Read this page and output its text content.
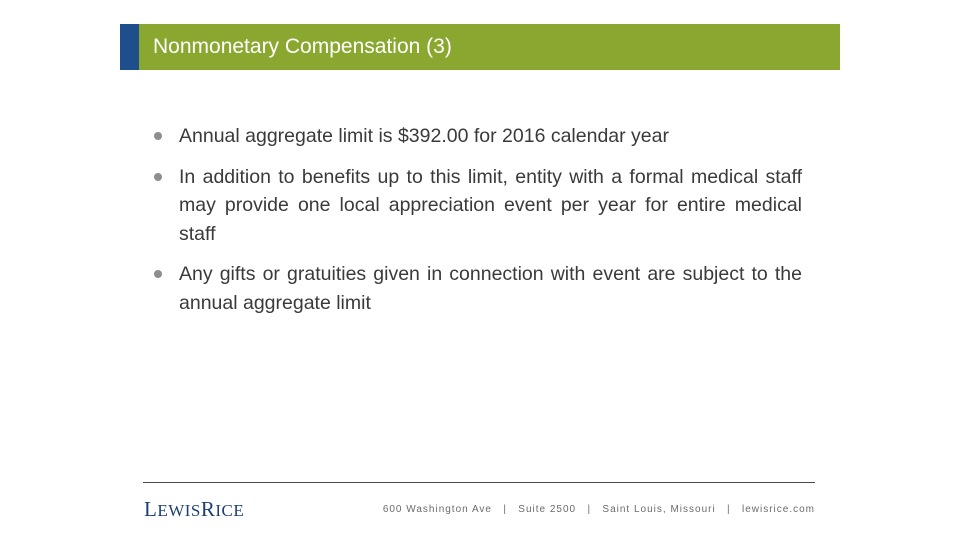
Nonmonetary Compensation (3)
Annual aggregate limit is $392.00 for 2016 calendar year
In addition to benefits up to this limit, entity with a formal medical staff may provide one local appreciation event per year for entire medical staff
Any gifts or gratuities given in connection with event are subject to the annual aggregate limit
LEWISRICE	600 Washington Ave | Suite 2500 | Saint Louis, Missouri | lewisrice.com
